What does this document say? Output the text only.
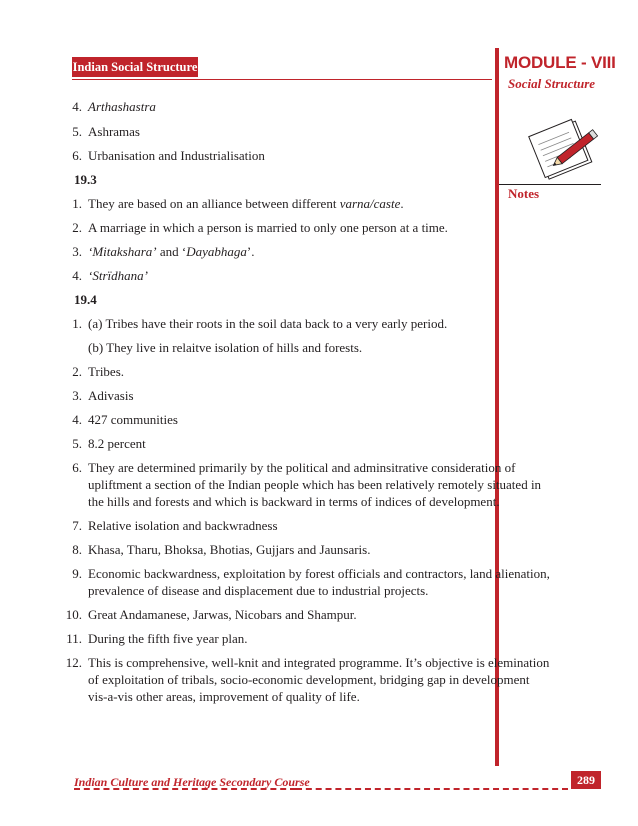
Indian Social Structure	MODULE - VIII
Social Structure
Notes
4. Arthashastra
5. Ashramas
6. Urbanisation and Industrialisation
19.3
1. They are based on an alliance between different varna/caste.
2. A marriage in which a person is married to only one person at a time.
3. ‘Mitakshara’ and ‘Dayabhaga’.
4. ‘Strïdhana’
19.4
1. (a) Tribes have their roots in the soil data back to a very early period.
(b) They live in relaitve isolation of hills and forests.
2. Tribes.
3. Adivasis
4. 427 communities
5. 8.2 percent
6. They are determined primarily by the political and adminsitrative consideration of
upliftment a section of the Indian people which has been relatively remotely situated in
the hills and forests and which is backward in terms of indices of development.
7. Relative isolation and backwradness
8. Khasa, Tharu, Bhoksa, Bhotias, Gujjars and Jaunsaris.
9. Economic backwardness, exploitation by forest officials and contractors, land alienation,
prevalence of disease and displacement due to industrial projects.
10. Great Andamanese, Jarwas, Nicobars and Shampur.
11. During the fifth five year plan.
12. This is comprehensive, well-knit and integrated programme. It’s objective is elemination
of exploitation of tribals, socio-economic development, bridging gap in development
vis-a-vis other areas, improvement of quality of life.
Indian Culture and Heritage Secondary Course	289
